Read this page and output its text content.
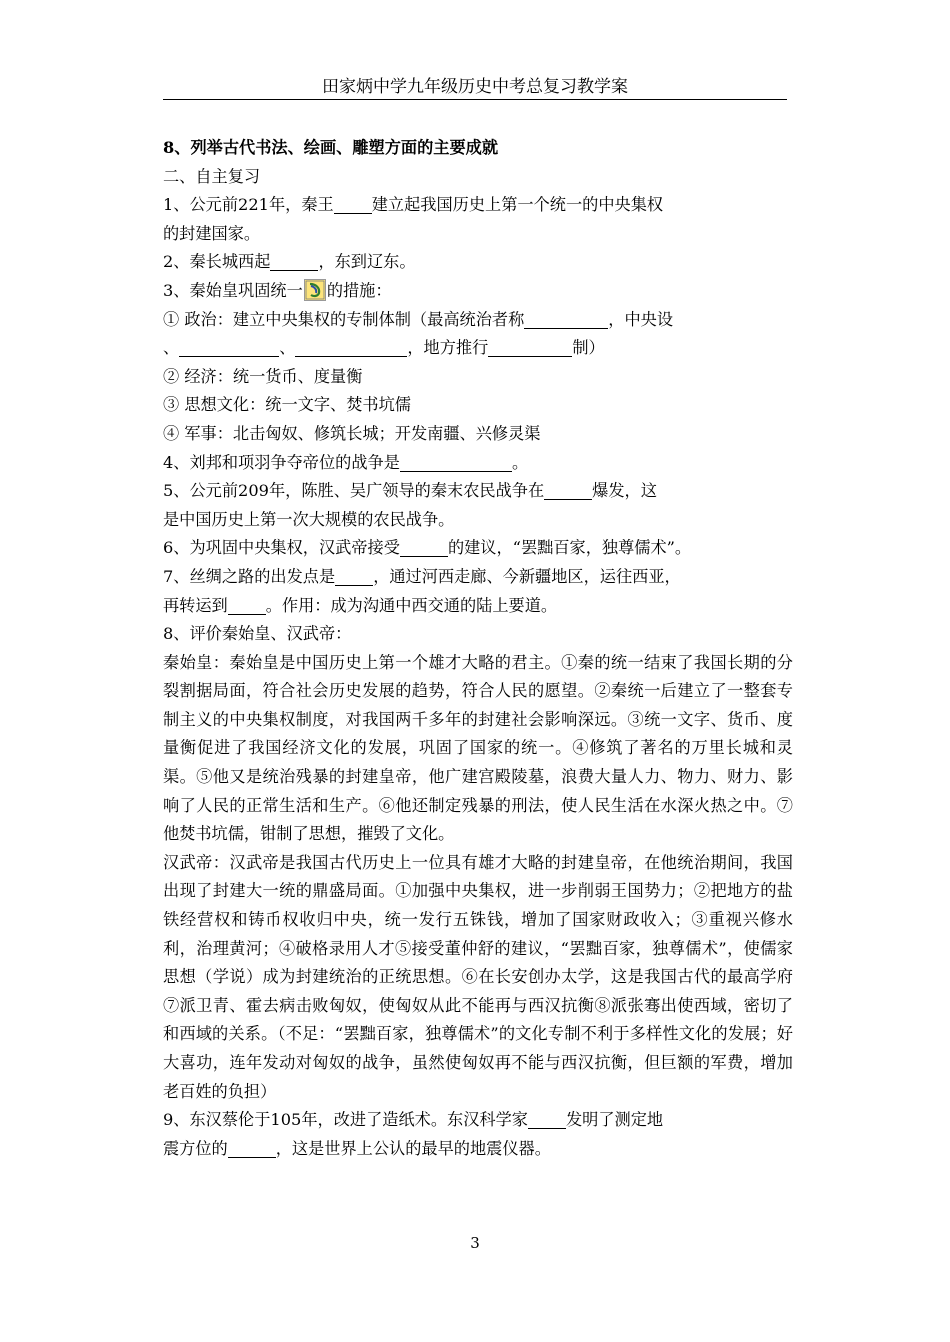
田家炳中学九年级历史中考总复习教学案
8、列举古代书法、绘画、雕塑方面的主要成就
二、自主复习
1、公元前221年，秦王 建立起我国历史上第一个统一的中央集权
的封建国家。
2、秦长城西起	，东到辽东。
3、秦始皇巩固统一 的措施：
① 政治：建立中央集权的专制体制（最高统治者称	，中央设
、	、	，地方推行	制）
② 经济：统一货币、度量衡
③ 思想文化：统一文字、焚书坑儒
④ 军事：北击匈奴、修筑长城；开发南疆、兴修灵渠
4、刘邦和项羽争夺帝位的战争是	。
5、公元前209年，陈胜、吴广领导的秦末农民战争在	爆发，这
是中国历史上第一次大规模的农民战争。
6、为巩固中央集权，汉武帝接受	的建议，“罢黜百家，独尊儒术”。
7、丝绸之路的出发点是 ，通过河西走廊、今新疆地区，运往西亚，
再转运到 。作用：成为沟通中西交通的陆上要道。
8、评价秦始皇、汉武帝：
秦始皇：秦始皇是中国历史上第一个雄才大略的君主。①秦的统一结束了我国长期的分裂割据局面，符合社会历史发展的趋势，符合人民的愿望。②秦统一后建立了一整套专制主义的中央集权制度，对我国两千多年的封建社会影响深远。③统一文字、货币、度量衡促进了我国经济文化的发展，巩固了国家的统一。④修筑了著名的万里长城和灵渠。⑤他又是统治残暴的封建皇帝，他广建宫殿陵墓，浪费大量人力、物力、财力、影响了人民的正常生活和生产。⑥他还制定残暴的刑法，使人民生活在水深火热之中。⑦他焚书坑儒，钳制了思想，摧毁了文化。
汉武帝：汉武帝是我国古代历史上一位具有雄才大略的封建皇帝，在他统治期间，我国出现了封建大一统的鼎盛局面。①加强中央集权，进一步削弱王国势力；②把地方的盐铁经营权和铸币权收归中央，统一发行五铢钱，增加了国家财政收入；③重视兴修水利，治理黄河；④破格录用人才⑤接受董仲舒的建议，“罢黜百家，独尊儒术”，使儒家思想（学说）成为封建统治的正统思想。⑥在长安创办太学，这是我国古代的最高学府⑦派卫青、霍去病击败匈奴，使匈奴从此不能再与西汉抗衡⑧派张骞出使西域，密切了和西域的关系。（不足：“罢黜百家，独尊儒术”的文化专制不利于多样性文化的发展；好大喜功，连年发动对匈奴的战争，虽然使匈奴再不能与西汉抗衡，但巨额的军费，增加老百姓的负担）
9、东汉蔡伦于105年，改进了造纸术。东汉科学家 发明了测定地
震方位的	，这是世界上公认的最早的地震仪器。
3
